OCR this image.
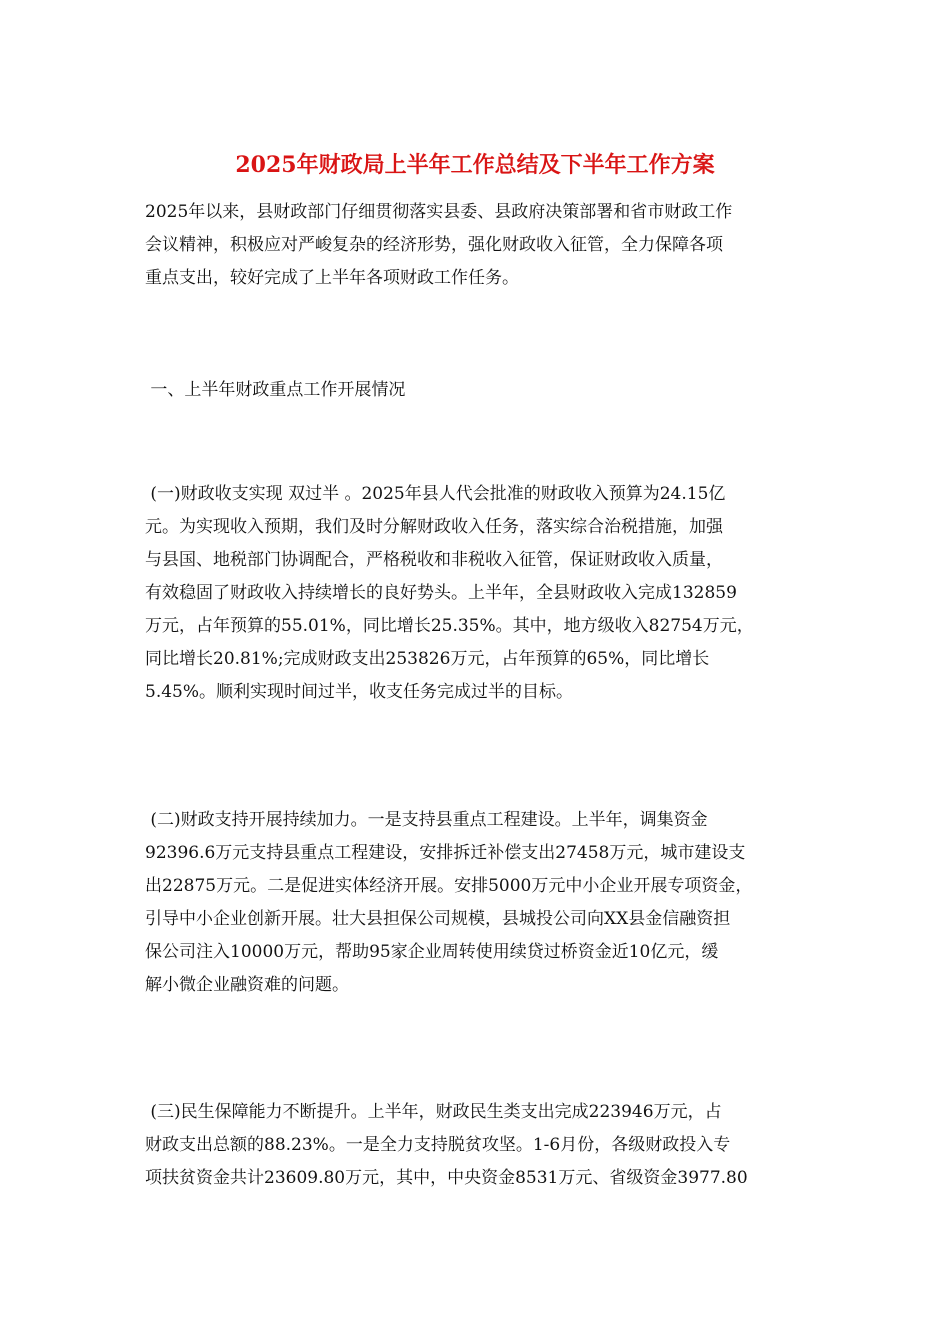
2025年财政局上半年工作总结及下半年工作方案

2025年以来，县财政部门仔细贯彻落实县委、县政府决策部署和省市财政工作

会议精神，积极应对严峻复杂的经济形势，强化财政收入征管，全力保障各项

重点支出，较好完成了上半年各项财政工作任务。

一、上半年财政重点工作开展情况

(一)财政收支实现 双过半 。2025年县人代会批准的财政收入预算为24.15亿

元。为实现收入预期，我们及时分解财政收入任务，落实综合治税措施，加强

与县国、地税部门协调配合，严格税收和非税收入征管，保证财政收入质量，

有效稳固了财政收入持续增长的良好势头。上半年，全县财政收入完成132859

万元，占年预算的55.01%，同比增长25.35%。其中，地方级收入82754万元，

同比增长20.81%;完成财政支出253826万元，占年预算的65%，同比增长

5.45%。顺利实现时间过半，收支任务完成过半的目标。

(二)财政支持开展持续加力。一是支持县重点工程建设。上半年，调集资金

92396.6万元支持县重点工程建设，安排拆迁补偿支出27458万元，城市建设支

出22875万元。二是促进实体经济开展。安排5000万元中小企业开展专项资金，

引导中小企业创新开展。壮大县担保公司规模，县城投公司向XX县金信融资担

保公司注入10000万元，帮助95家企业周转使用续贷过桥资金近10亿元，缓

解小微企业融资难的问题。

(三)民生保障能力不断提升。上半年，财政民生类支出完成223946万元，占

财政支出总额的88.23%。一是全力支持脱贫攻坚。1-6月份，各级财政投入专

项扶贫资金共计23609.80万元，其中，中央资金8531万元、省级资金3977.80
